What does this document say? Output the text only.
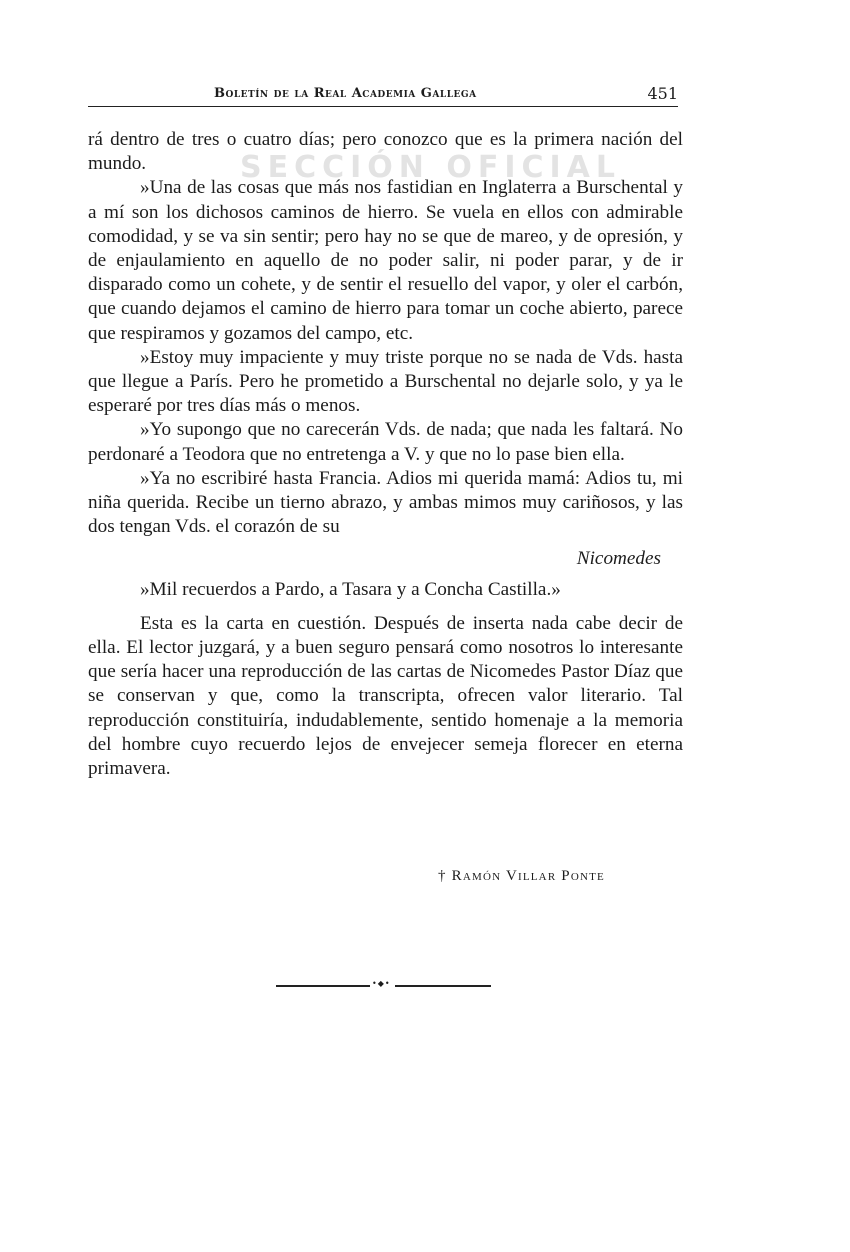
Boletín de la Real Academia Gallega	451
SECCIÓN OFICIAL

rá dentro de tres o cuatro días; pero conozco que es la primera nación del mundo.

»Una de las cosas que más nos fastidian en Inglaterra a Burschental y a mí son los dichosos caminos de hierro. Se vuela en ellos con admirable comodidad, y se va sin sentir; pero hay no se que de mareo, y de opresión, y de enjaulamiento en aquello de no poder salir, ni poder parar, y de ir disparado como un cohete, y de sentir el resuello del vapor, y oler el carbón, que cuando dejamos el camino de hierro para tomar un coche abierto, parece que respiramos y gozamos del campo, etc.

»Estoy muy impaciente y muy triste porque no se nada de Vds. hasta que llegue a París. Pero he prometido a Burschental no dejarle solo, y ya le esperaré por tres días más o menos.

»Yo supongo que no carecerán Vds. de nada; que nada les faltará. No perdonaré a Teodora que no entretenga a V. y que no lo pase bien ella.

»Ya no escribiré hasta Francia. Adios mi querida mamá: Adios tu, mi niña querida. Recibe un tierno abrazo, y ambas mimos muy cariñosos, y las dos tengan Vds. el corazón de su

Nicomedes

»Mil recuerdos a Pardo, a Tasara y a Concha Castilla.»

Esta es la carta en cuestión. Después de inserta nada cabe decir de ella. El lector juzgará, y a buen seguro pensará como nosotros lo interesante que sería hacer una reproducción de las cartas de Nicomedes Pastor Díaz que se conservan y que, como la transcripta, ofrecen valor literario. Tal reproducción constituiría, indudablemente, sentido homenaje a la memoria del hombre cuyo recuerdo lejos de envejecer semeja florecer en eterna primavera.

† Ramón Villar Ponte
•◆•
